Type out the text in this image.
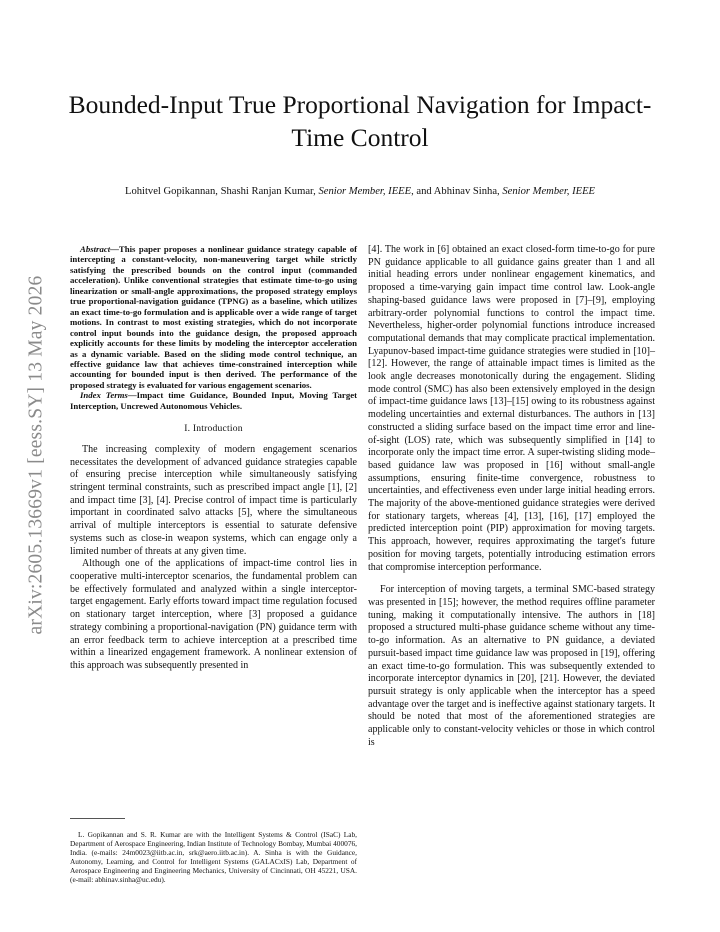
arXiv:2605.13669v1 [eess.SY] 13 May 2026
Bounded-Input True Proportional Navigation for Impact-Time Control

Lohitvel Gopikannan, Shashi Ranjan Kumar, Senior Member, IEEE, and Abhinav Sinha, Senior Member, IEEE

Abstract—This paper proposes a nonlinear guidance strategy capable of intercepting a constant-velocity, non-maneuvering target while strictly satisfying the prescribed bounds on the control input (commanded acceleration). Unlike conventional strategies that estimate time-to-go using linearization or small-angle approximations, the proposed strategy employs true proportional-navigation guidance (TPNG) as a baseline, which utilizes an exact time-to-go formulation and is applicable over a wide range of target motions. In contrast to most existing strategies, which do not incorporate control input bounds into the guidance design, the proposed approach explicitly accounts for these limits by modeling the interceptor acceleration as a dynamic variable. Based on the sliding mode control technique, an effective guidance law that achieves time-constrained interception while accounting for bounded input is then derived. The performance of the proposed strategy is evaluated for various engagement scenarios.

Index Terms—Impact time Guidance, Bounded Input, Moving Target Interception, Uncrewed Autonomous Vehicles.

I. Introduction

The increasing complexity of modern engagement scenarios necessitates the development of advanced guidance strategies capable of ensuring precise interception while simultaneously satisfying stringent terminal constraints, such as prescribed impact angle [1], [2] and impact time [3], [4]. Precise control of impact time is particularly important in coordinated salvo attacks [5], where the simultaneous arrival of multiple interceptors is essential to saturate defensive systems such as close-in weapon systems, which can engage only a limited number of threats at any given time.

Although one of the applications of impact-time control lies in cooperative multi-interceptor scenarios, the fundamental problem can be effectively formulated and analyzed within a single interceptor-target engagement. Early efforts toward impact time regulation focused on stationary target interception, where [3] proposed a guidance strategy combining a proportional-navigation (PN) guidance term with an error feedback term to achieve interception at a prescribed time within a linearized engagement framework. A nonlinear extension of this approach was subsequently presented in

L. Gopikannan and S. R. Kumar are with the Intelligent Systems & Control (ISaC) Lab, Department of Aerospace Engineering, Indian Institute of Technology Bombay, Mumbai 400076, India. (e-mails: 24m0023@iitb.ac.in, srk@aero.iitb.ac.in). A. Sinha is with the Guidance, Autonomy, Learning, and Control for Intelligent Systems (GALACxIS) Lab, Department of Aerospace Engineering and Engineering Mechanics, University of Cincinnati, OH 45221, USA. (e-mail: abhinav.sinha@uc.edu).

[4]. The work in [6] obtained an exact closed-form time-to-go for pure PN guidance applicable to all guidance gains greater than 1 and all initial heading errors under nonlinear engagement kinematics, and proposed a time-varying gain impact time control law. Look-angle shaping-based guidance laws were proposed in [7]–[9], employing arbitrary-order polynomial functions to control the impact time. Nevertheless, higher-order polynomial functions introduce increased computational demands that may complicate practical implementation. Lyapunov-based impact-time guidance strategies were studied in [10]–[12]. However, the range of attainable impact times is limited as the look angle decreases monotonically during the engagement. Sliding mode control (SMC) has also been extensively employed in the design of impact-time guidance laws [13]–[15] owing to its robustness against modeling uncertainties and external disturbances. The authors in [13] constructed a sliding surface based on the impact time error and line-of-sight (LOS) rate, which was subsequently simplified in [14] to incorporate only the impact time error. A super-twisting sliding mode–based guidance law was proposed in [16] without small-angle assumptions, ensuring finite-time convergence, robustness to uncertainties, and effectiveness even under large initial heading errors. The majority of the above-mentioned guidance strategies were derived for stationary targets, whereas [4], [13], [16], [17] employed the predicted interception point (PIP) approximation for moving targets. This approach, however, requires approximating the target's future position for moving targets, potentially introducing estimation errors that compromise interception performance.

For interception of moving targets, a terminal SMC-based strategy was presented in [15]; however, the method requires offline parameter tuning, making it computationally intensive. The authors in [18] proposed a structured multi-phase guidance scheme without any time-to-go information. As an alternative to PN guidance, a deviated pursuit-based impact time guidance law was proposed in [19], offering an exact time-to-go formulation. This was subsequently extended to incorporate interceptor dynamics in [20], [21]. However, the deviated pursuit strategy is only applicable when the interceptor has a speed advantage over the target and is ineffective against stationary targets. It should be noted that most of the aforementioned strategies are applicable only to constant-velocity vehicles or those in which control is
